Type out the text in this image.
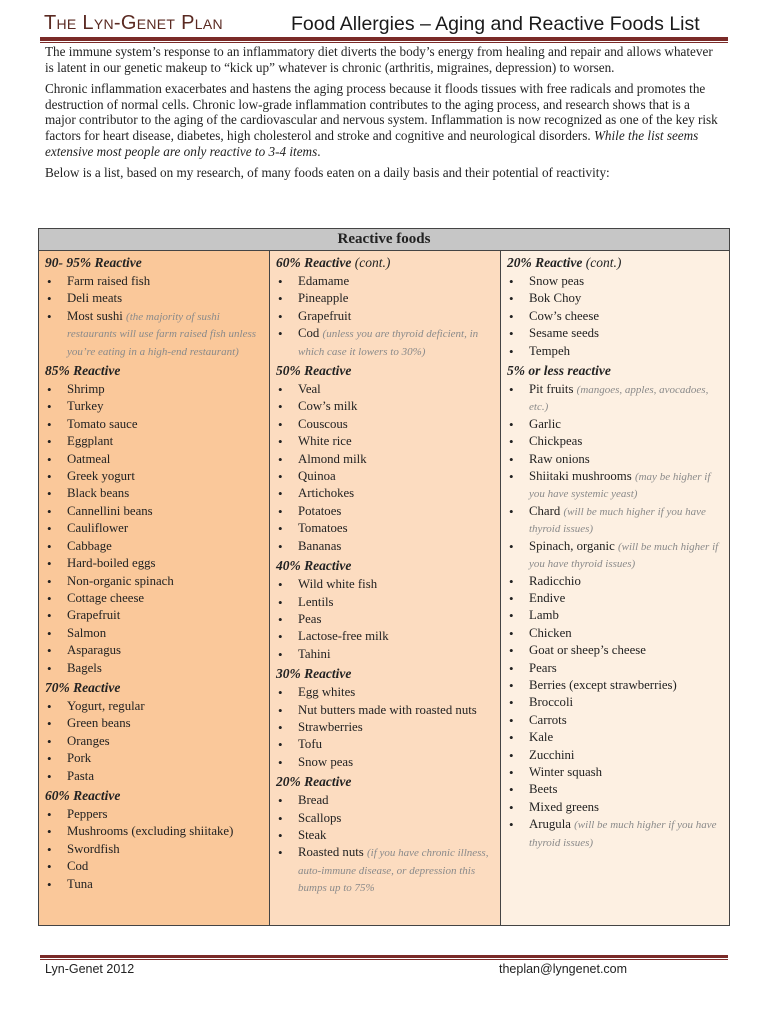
The Lyn-Genet Plan	Food Allergies – Aging and Reactive Foods List

The immune system’s response to an inflammatory diet diverts the body’s energy from healing and repair and allows whatever is latent in our genetic makeup to “kick up” whatever is chronic (arthritis, migraines, depression) to worsen.

Chronic inflammation exacerbates and hastens the aging process because it floods tissues with free radicals and promotes the destruction of normal cells. Chronic low-grade inflammation contributes to the aging process, and research shows that is a major contributor to the aging of the cardiovascular and nervous system. Inflammation is now recognized as one of the key risk factors for heart disease, diabetes, high cholesterol and stroke and cognitive and neurological disorders. While the list seems extensive most people are only reactive to 3-4 items.

Below is a list, based on my research, of many foods eaten on a daily basis and their potential of reactivity:

Reactive foods
90- 95% Reactive
• Farm raised fish
• Deli meats
• Most sushi (the majority of sushi restaurants will use farm raised fish unless you’re eating in a high-end restaurant)
85% Reactive
• Shrimp
• Turkey
• Tomato sauce
• Eggplant
• Oatmeal
• Greek yogurt
• Black beans
• Cannellini beans
• Cauliflower
• Cabbage
• Hard-boiled eggs
• Non-organic spinach
• Cottage cheese
• Grapefruit
• Salmon
• Asparagus
• Bagels
70% Reactive
• Yogurt, regular
• Green beans
• Oranges
• Pork
• Pasta
60% Reactive
• Peppers
• Mushrooms (excluding shiitake)
• Swordfish
• Cod
• Tuna
60% Reactive (cont.)
• Edamame
• Pineapple
• Grapefruit
• Cod (unless you are thyroid deficient, in which case it lowers to 30%)
50% Reactive
• Veal
• Cow’s milk
• Couscous
• White rice
• Almond milk
• Quinoa
• Artichokes
• Potatoes
• Tomatoes
• Bananas
40% Reactive
• Wild white fish
• Lentils
• Peas
• Lactose-free milk
• Tahini
30% Reactive
• Egg whites
• Nut butters made with roasted nuts
• Strawberries
• Tofu
• Snow peas
20% Reactive
• Bread
• Scallops
• Steak
• Roasted nuts (if you have chronic illness, auto-immune disease, or depression this bumps up to 75%
20% Reactive (cont.)
• Snow peas
• Bok Choy
• Cow’s cheese
• Sesame seeds
• Tempeh
5% or less reactive
• Pit fruits (mangoes, apples, avocadoes, etc.)
• Garlic
• Chickpeas
• Raw onions
• Shiitaki mushrooms (may be higher if you have systemic yeast)
• Chard (will be much higher if you have thyroid issues)
• Spinach, organic (will be much higher if you have thyroid issues)
• Radicchio
• Endive
• Lamb
• Chicken
• Goat or sheep’s cheese
• Pears
• Berries (except strawberries)
• Broccoli
• Carrots
• Kale
• Zucchini
• Winter squash
• Beets
• Mixed greens
• Arugula (will be much higher if you have thyroid issues)
Lyn-Genet 2012	theplan@lyngenet.com
